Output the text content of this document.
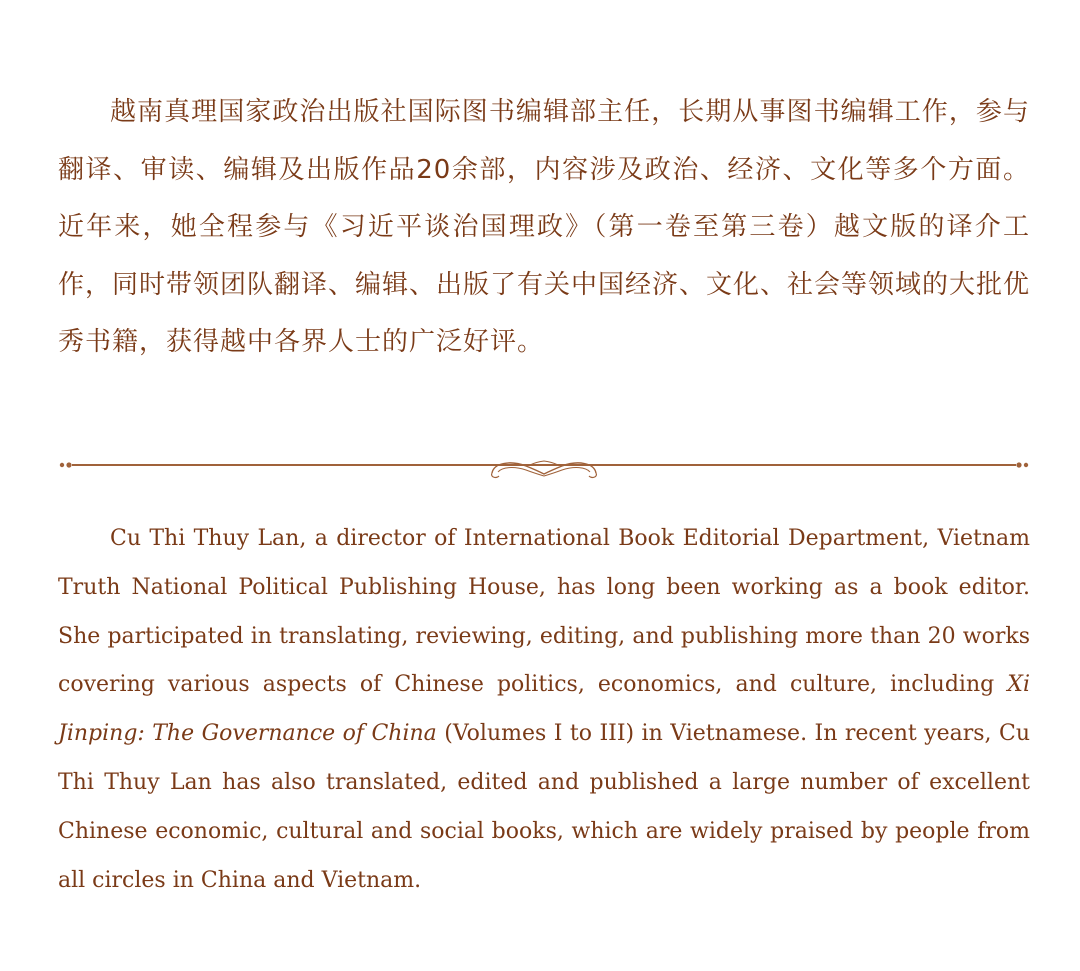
越南真理国家政治出版社国际图书编辑部主任，长期从事图书编辑工作，参与翻译、审读、编辑及出版作品20余部，内容涉及政治、经济、文化等多个方面。近年来，她全程参与《习近平谈治国理政》（第一卷至第三卷）越文版的译介工作，同时带领团队翻译、编辑、出版了有关中国经济、文化、社会等领域的大批优秀书籍，获得越中各界人士的广泛好评。

Cu Thi Thuy Lan, a director of International Book Editorial Department, Vietnam Truth National Political Publishing House, has long been working as a book editor. She participated in translating, reviewing, editing, and publishing more than 20 works covering various aspects of Chinese politics, economics, and culture, including Xi Jinping: The Governance of China (Volumes I to III) in Vietnamese. In recent years, Cu Thi Thuy Lan has also translated, edited and published a large number of excellent Chinese economic, cultural and social books, which are widely praised by people from all circles in China and Vietnam.
